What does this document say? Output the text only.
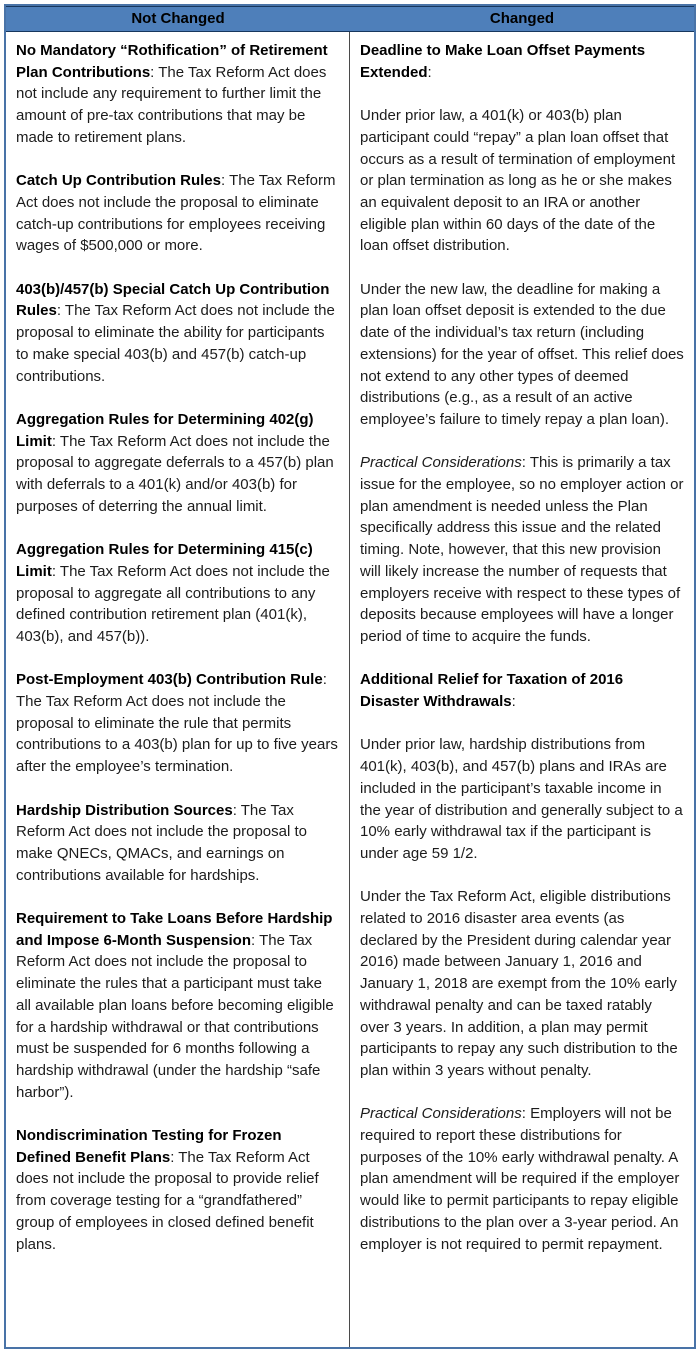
Not Changed	Changed

No Mandatory “Rothification” of Retirement Plan Contributions: The Tax Reform Act does not include any requirement to further limit the amount of pre-tax contributions that may be made to retirement plans.

Catch Up Contribution Rules: The Tax Reform Act does not include the proposal to eliminate catch-up contributions for employees receiving wages of $500,000 or more.

403(b)/457(b) Special Catch Up Contribution Rules: The Tax Reform Act does not include the proposal to eliminate the ability for participants to make special 403(b) and 457(b) catch-up contributions.

Aggregation Rules for Determining 402(g) Limit: The Tax Reform Act does not include the proposal to aggregate deferrals to a 457(b) plan with deferrals to a 401(k) and/or 403(b) for purposes of deterring the annual limit.

Aggregation Rules for Determining 415(c) Limit: The Tax Reform Act does not include the proposal to aggregate all contributions to any defined contribution retirement plan (401(k), 403(b), and 457(b)).

Post-Employment 403(b) Contribution Rule: The Tax Reform Act does not include the proposal to eliminate the rule that permits contributions to a 403(b) plan for up to five years after the employee’s termination.

Hardship Distribution Sources: The Tax Reform Act does not include the proposal to make QNECs, QMACs, and earnings on contributions available for hardships.

Requirement to Take Loans Before Hardship and Impose 6-Month Suspension: The Tax Reform Act does not include the proposal to eliminate the rules that a participant must take all available plan loans before becoming eligible for a hardship withdrawal or that contributions must be suspended for 6 months following a hardship withdrawal (under the hardship “safe harbor”).

Nondiscrimination Testing for Frozen Defined Benefit Plans: The Tax Reform Act does not include the proposal to provide relief from coverage testing for a “grandfathered” group of employees in closed defined benefit plans.

Deadline to Make Loan Offset Payments Extended:

Under prior law, a 401(k) or 403(b) plan participant could “repay” a plan loan offset that occurs as a result of termination of employment or plan termination as long as he or she makes an equivalent deposit to an IRA or another eligible plan within 60 days of the date of the loan offset distribution.

Under the new law, the deadline for making a plan loan offset deposit is extended to the due date of the individual’s tax return (including extensions) for the year of offset. This relief does not extend to any other types of deemed distributions (e.g., as a result of an active employee’s failure to timely repay a plan loan).

Practical Considerations: This is primarily a tax issue for the employee, so no employer action or plan amendment is needed unless the Plan specifically address this issue and the related timing. Note, however, that this new provision will likely increase the number of requests that employers receive with respect to these types of deposits because employees will have a longer period of time to acquire the funds.

Additional Relief for Taxation of 2016 Disaster Withdrawals:

Under prior law, hardship distributions from 401(k), 403(b), and 457(b) plans and IRAs are included in the participant’s taxable income in the year of distribution and generally subject to a 10% early withdrawal tax if the participant is under age 59 1/2.

Under the Tax Reform Act, eligible distributions related to 2016 disaster area events (as declared by the President during calendar year 2016) made between January 1, 2016 and January 1, 2018 are exempt from the 10% early withdrawal penalty and can be taxed ratably over 3 years. In addition, a plan may permit participants to repay any such distribution to the plan within 3 years without penalty.

Practical Considerations: Employers will not be required to report these distributions for purposes of the 10% early withdrawal penalty. A plan amendment will be required if the employer would like to permit participants to repay eligible distributions to the plan over a 3-year period. An employer is not required to permit repayment.
